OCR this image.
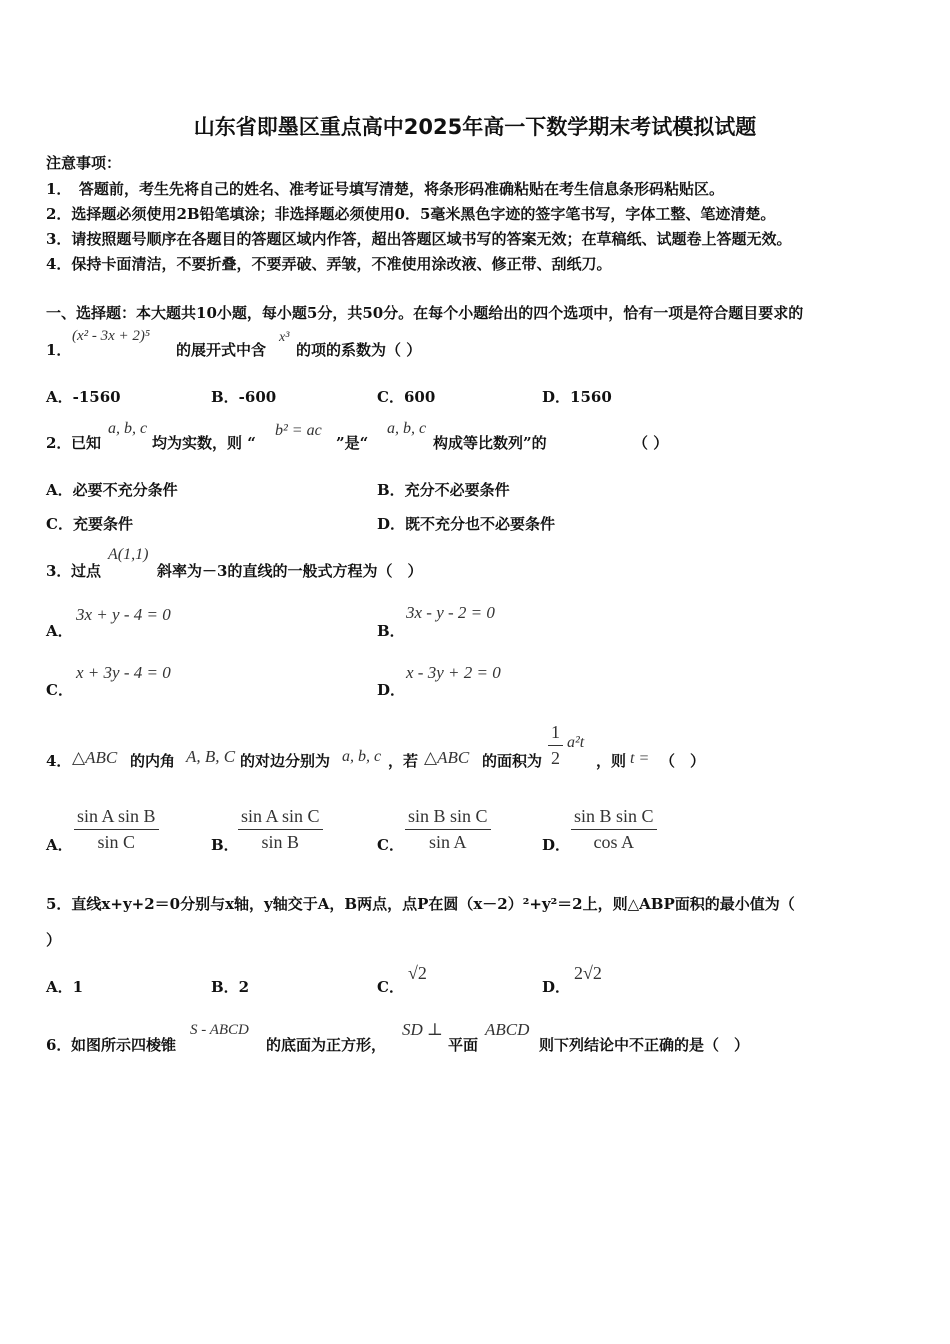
山东省即墨区重点高中2025年高一下数学期末考试模拟试题
注意事项：
1．　答题前，考生先将自己的姓名、准考证号填写清楚，将条形码准确粘贴在考生信息条形码粘贴区。
2．选择题必须使用2B铅笔填涂；非选择题必须使用0．5毫米黑色字迹的签字笔书写，字体工整、笔迹清楚。
3．请按照题号顺序在各题目的答题区域内作答，超出答题区域书写的答案无效；在草稿纸、试题卷上答题无效。
4．保持卡面清洁，不要折叠，不要弄破、弄皱，不准使用涂改液、修正带、刮纸刀。
一、选择题：本大题共10小题，每小题5分，共50分。在每个小题给出的四个选项中，恰有一项是符合题目要求的
1．
(x² - 3x + 2)⁵
的展开式中含
x³
的项的系数为（ ）
A．-1560	B．-600	C．600	D．1560
2． 已知
a, b, c
均为实数，则 “
b² = ac
”是“
a, b, c
构成等比数列”的	（ ）
A．必要不充分条件	B．充分不必要条件
C．充要条件	D．既不充分也不必要条件
3． 过点
A(1,1)
斜率为－3的直线的一般式方程为（　）
A．
3x + y - 4 = 0
B．
3x - y - 2 = 0
C．
x + 3y - 4 = 0
D．
x - 3y + 2 = 0
4． △ABC 的内角 A, B, C 的对边分别为 a, b, c ，若 △ABC 的面积为 $\frac{1}{2} a^2t$
，则 t = （　）
A． $\frac{\text{sin A sin B}}{\text{sin C}}$	B． $\frac{\text{sin A sin C}}{\text{sin B}}$	C． $\frac{\text{sin B sin C}}{\text{sin A}}$	D． $\frac{\text{sin B sin C}}{\text{cos A}}$
5．直线x+y+2＝0分别与x轴，y轴交于A，B两点，点P在圆（x－2）²+y²＝2上，则△ABP面积的最小值为（
）
A．1	B．2	C．
√2
D．
2√2
6． 如图所示四棱锥
S - ABCD
的底面为正方形，
SD ⊥
平面
ABCD
则下列结论中不正确的是（　）
